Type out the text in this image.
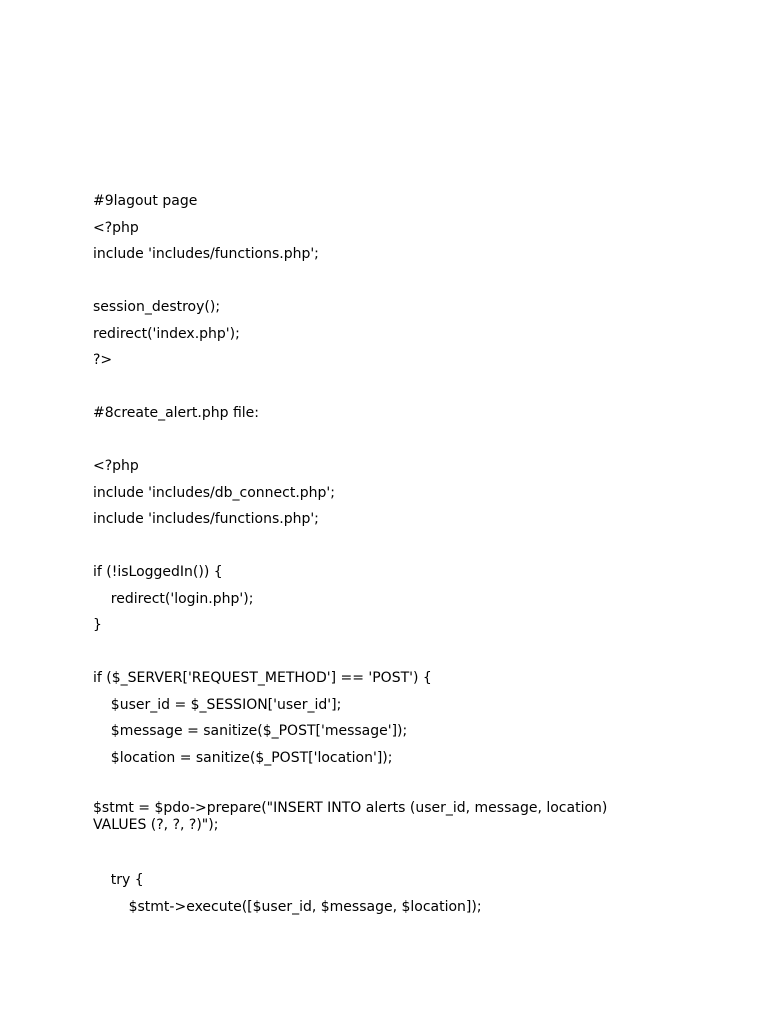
#9lagout page
<?php
include 'includes/functions.php';
session_destroy();
redirect('index.php');
?>
#8create_alert.php file:
<?php
include 'includes/db_connect.php';
include 'includes/functions.php';
if (!isLoggedIn()) {
redirect('login.php');
}
if ($_SERVER['REQUEST_METHOD'] == 'POST') {
$user_id = $_SESSION['user_id'];
$message = sanitize($_POST['message']);
$location = sanitize($_POST['location']);
$stmt = $pdo->prepare("INSERT INTO alerts (user_id, message, location) VALUES (?, ?, ?)");
try {
$stmt->execute([$user_id, $message, $location]);
